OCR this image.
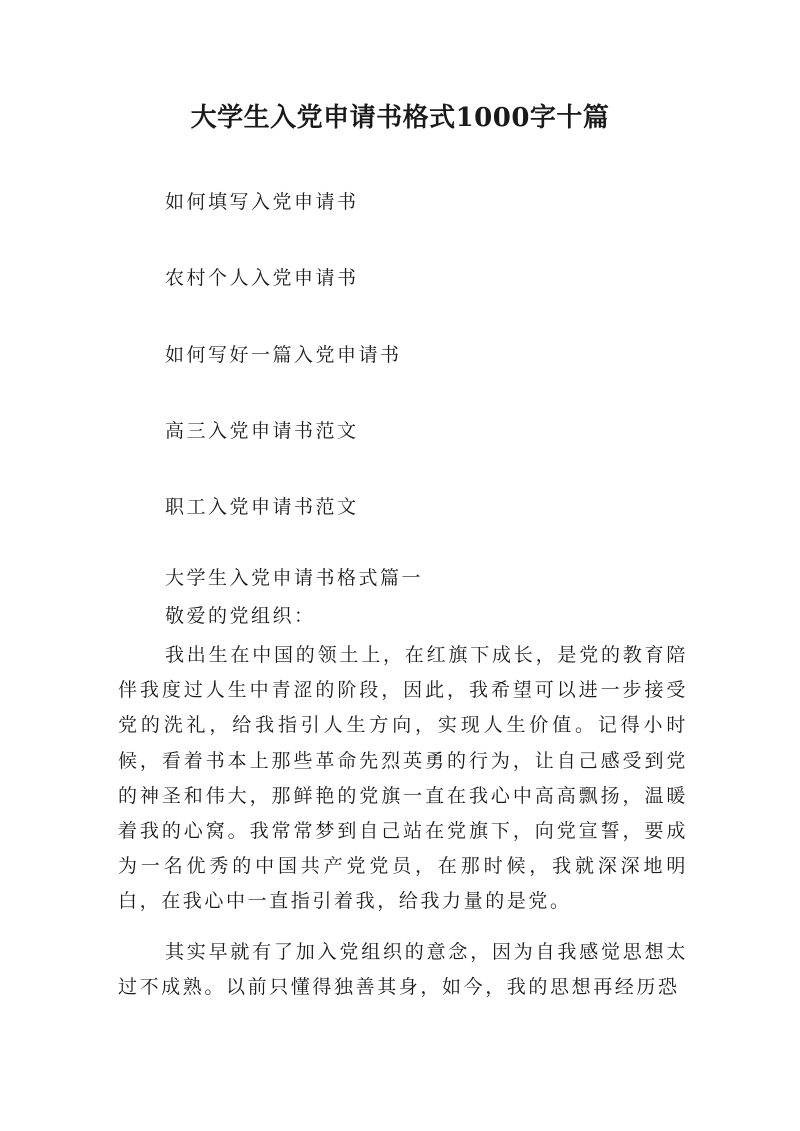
大学生入党申请书格式1000字十篇
如何填写入党申请书
农村个人入党申请书
如何写好一篇入党申请书
高三入党申请书范文
职工入党申请书范文
大学生入党申请书格式篇一
敬爱的党组织：

我出生在中国的领土上，在红旗下成长，是党的教育陪伴我度过人生中青涩的阶段，因此，我希望可以进一步接受党的洗礼，给我指引人生方向，实现人生价值。记得小时候，看着书本上那些革命先烈英勇的行为，让自己感受到党的神圣和伟大，那鲜艳的党旗一直在我心中高高飘扬，温暖着我的心窝。我常常梦到自己站在党旗下，向党宣誓，要成为一名优秀的中国共产党党员，在那时候，我就深深地明白，在我心中一直指引着我，给我力量的是党。

其实早就有了加入党组织的意念，因为自我感觉思想太过不成熟。以前只懂得独善其身，如今，我的思想再经历恐
